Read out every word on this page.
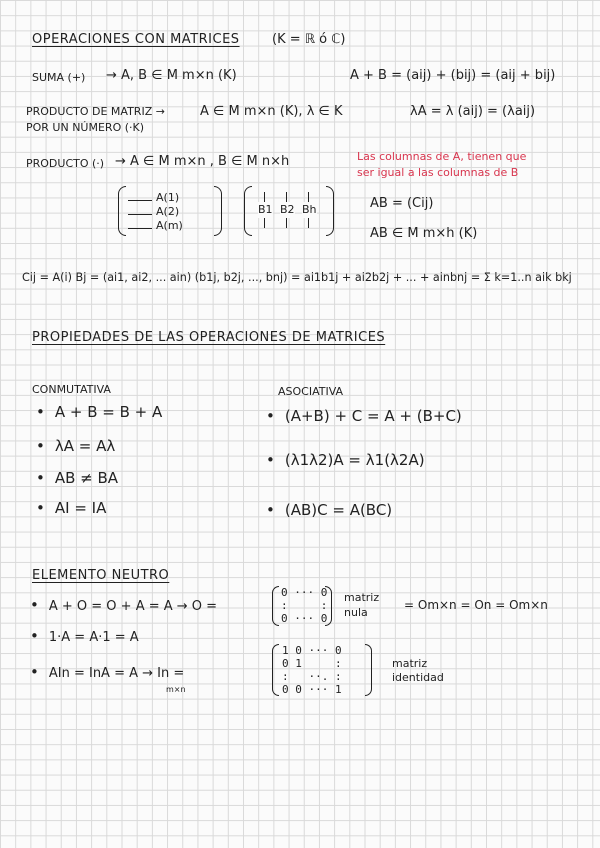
OPERACIONES CON MATRICES (K = ℝ ó ℂ)
SUMA (+) → A, B ∈ M m×n (K)	A + B = (aij) + (bij) = (aij + bij)
PRODUCTO DE MATRIZ →
POR UN NÚMERO (·K)
A ∈ M m×n (K), λ ∈ K	λA = λ (aij) = (λaij)
PRODUCTO (·) → A ∈ M m×n , B ∈ M n×h	Las columnas de A, tienen que
ser igual a las columnas de B
A(1)
A(2)
A(m)
B1 B2 Bh	AB = (Cij)
AB ∈ M m×h (K)
Cij = A(i) Bj = (ai1, ai2, ... ain) (b1j, b2j, ..., bnj) = ai1b1j + ai2b2j + ... + ainbnj = Σ k=1..n aik bkj
PROPIEDADES DE LAS OPERACIONES DE MATRICES
CONMUTATIVA
• A + B = B + A
• λA = Aλ
• AB ≠ BA
• AI = IA
ASOCIATIVA
• (A+B) + C = A + (B+C)
• (λ1λ2)A = λ1(λ2A)
• (AB)C = A(BC)
ELEMENTO NEUTRO
• A + O = O + A = A → O =
0 ··· 0
:     :
0 ··· 0
matriz
nula
= Om×n = On = Om×n
• 1·A = A·1 = A
• AIn = InA = A → In =
m×n
1 0 ··· 0
0 1     :
:   ··. :
0 0 ··· 1
matriz
identidad
